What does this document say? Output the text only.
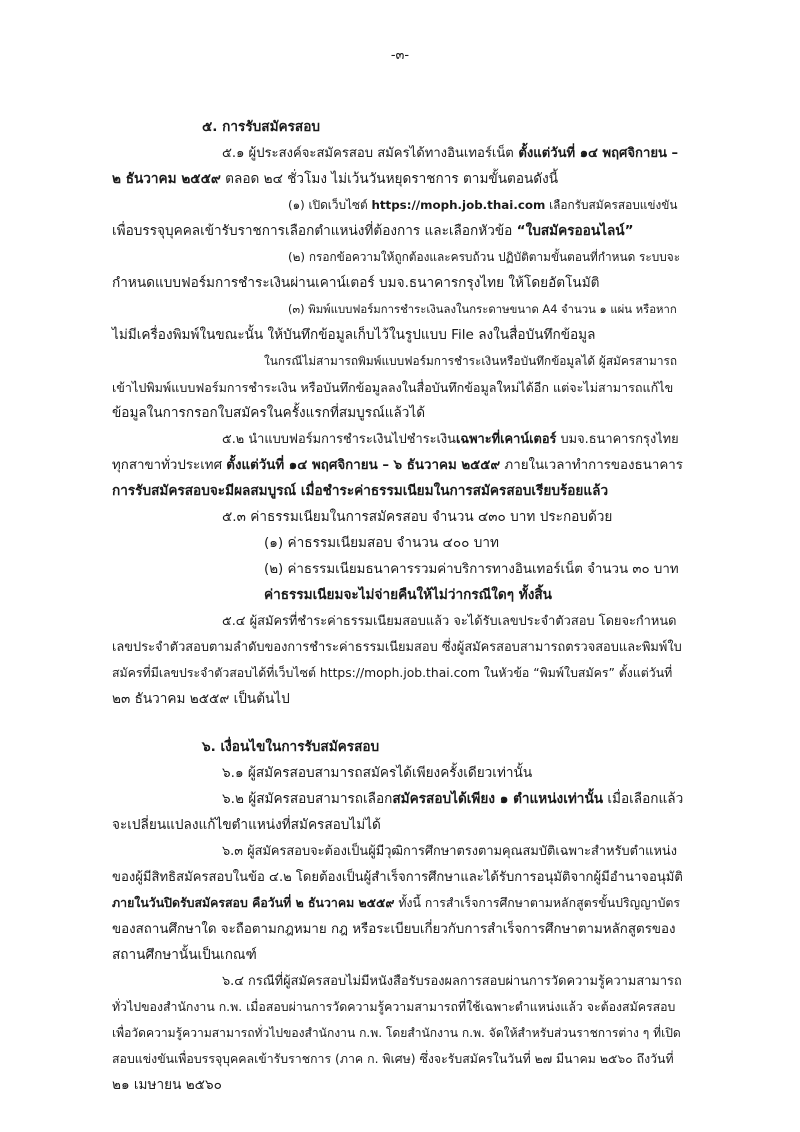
-๓-
๕. การรับสมัครสอบ
๕.๑ ผู้ประสงค์จะสมัครสอบ สมัครได้ทางอินเทอร์เน็ต ตั้งแต่วันที่ ๑๔ พฤศจิกายน –
๒ ธันวาคม ๒๕๕๙ ตลอด ๒๔ ชั่วโมง ไม่เว้นวันหยุดราชการ ตามขั้นตอนดังนี้
(๑) เปิดเว็บไซต์ https://moph.job.thai.com เลือกรับสมัครสอบแข่งขัน
เพื่อบรรจุบุคคลเข้ารับราชการเลือกตำแหน่งที่ต้องการ และเลือกหัวข้อ “ใบสมัครออนไลน์”
(๒) กรอกข้อความให้ถูกต้องและครบถ้วน ปฏิบัติตามขั้นตอนที่กำหนด ระบบจะ
กำหนดแบบฟอร์มการชำระเงินผ่านเคาน์เตอร์ บมจ.ธนาคารกรุงไทย ให้โดยอัตโนมัติ
(๓) พิมพ์แบบฟอร์มการชำระเงินลงในกระดาษขนาด A4 จำนวน ๑ แผ่น หรือหาก
ไม่มีเครื่องพิมพ์ในขณะนั้น ให้บันทึกข้อมูลเก็บไว้ในรูปแบบ File ลงในสื่อบันทึกข้อมูล
ในกรณีไม่สามารถพิมพ์แบบฟอร์มการชำระเงินหรือบันทึกข้อมูลได้ ผู้สมัครสามารถ
เข้าไปพิมพ์แบบฟอร์มการชำระเงิน หรือบันทึกข้อมูลลงในสื่อบันทึกข้อมูลใหม่ได้อีก แต่จะไม่สามารถแก้ไข
ข้อมูลในการกรอกใบสมัครในครั้งแรกที่สมบูรณ์แล้วได้
๕.๒ นำแบบฟอร์มการชำระเงินไปชำระเงินเฉพาะที่เคาน์เตอร์ บมจ.ธนาคารกรุงไทย
ทุกสาขาทั่วประเทศ ตั้งแต่วันที่ ๑๔ พฤศจิกายน – ๖ ธันวาคม ๒๕๕๙ ภายในเวลาทำการของธนาคาร
การรับสมัครสอบจะมีผลสมบูรณ์ เมื่อชำระค่าธรรมเนียมในการสมัครสอบเรียบร้อยแล้ว
๕.๓ ค่าธรรมเนียมในการสมัครสอบ จำนวน ๔๓๐ บาท ประกอบด้วย
(๑) ค่าธรรมเนียมสอบ จำนวน ๔๐๐ บาท
(๒) ค่าธรรมเนียมธนาคารรวมค่าบริการทางอินเทอร์เน็ต จำนวน ๓๐ บาท
ค่าธรรมเนียมจะไม่จ่ายคืนให้ไม่ว่ากรณีใดๆ ทั้งสิ้น
๕.๔ ผู้สมัครที่ชำระค่าธรรมเนียมสอบแล้ว จะได้รับเลขประจำตัวสอบ โดยจะกำหนด
เลขประจำตัวสอบตามลำดับของการชำระค่าธรรมเนียมสอบ ซึ่งผู้สมัครสอบสามารถตรวจสอบและพิมพ์ใบ
สมัครที่มีเลขประจำตัวสอบได้ที่เว็บไซต์ https://moph.job.thai.com ในหัวข้อ “พิมพ์ใบสมัคร” ตั้งแต่วันที่
๒๓ ธันวาคม ๒๕๕๙ เป็นต้นไป
๖. เงื่อนไขในการรับสมัครสอบ
๖.๑ ผู้สมัครสอบสามารถสมัครได้เพียงครั้งเดียวเท่านั้น
๖.๒ ผู้สมัครสอบสามารถเลือกสมัครสอบได้เพียง ๑ ตำแหน่งเท่านั้น เมื่อเลือกแล้ว
จะเปลี่ยนแปลงแก้ไขตำแหน่งที่สมัครสอบไม่ได้
๖.๓ ผู้สมัครสอบจะต้องเป็นผู้มีวุฒิการศึกษาตรงตามคุณสมบัติเฉพาะสำหรับตำแหน่ง
ของผู้มีสิทธิสมัครสอบในข้อ ๔.๒ โดยต้องเป็นผู้สำเร็จการศึกษาและได้รับการอนุมัติจากผู้มีอำนาจอนุมัติ
ภายในวันปิดรับสมัครสอบ คือวันที่ ๒ ธันวาคม ๒๕๕๙ ทั้งนี้ การสำเร็จการศึกษาตามหลักสูตรขั้นปริญญาบัตร
ของสถานศึกษาใด จะถือตามกฎหมาย กฎ หรือระเบียบเกี่ยวกับการสำเร็จการศึกษาตามหลักสูตรของ
สถานศึกษานั้นเป็นเกณฑ์
๖.๔ กรณีที่ผู้สมัครสอบไม่มีหนังสือรับรองผลการสอบผ่านการวัดความรู้ความสามารถ
ทั่วไปของสำนักงาน ก.พ. เมื่อสอบผ่านการวัดความรู้ความสามารถที่ใช้เฉพาะตำแหน่งแล้ว จะต้องสมัครสอบ
เพื่อวัดความรู้ความสามารถทั่วไปของสำนักงาน ก.พ. โดยสำนักงาน ก.พ. จัดให้สำหรับส่วนราชการต่าง ๆ ที่เปิด
สอบแข่งขันเพื่อบรรจุบุคคลเข้ารับราชการ (ภาค ก. พิเศษ) ซึ่งจะรับสมัครในวันที่ ๒๗ มีนาคม ๒๕๖๐ ถึงวันที่
๒๑ เมษายน ๒๕๖๐
